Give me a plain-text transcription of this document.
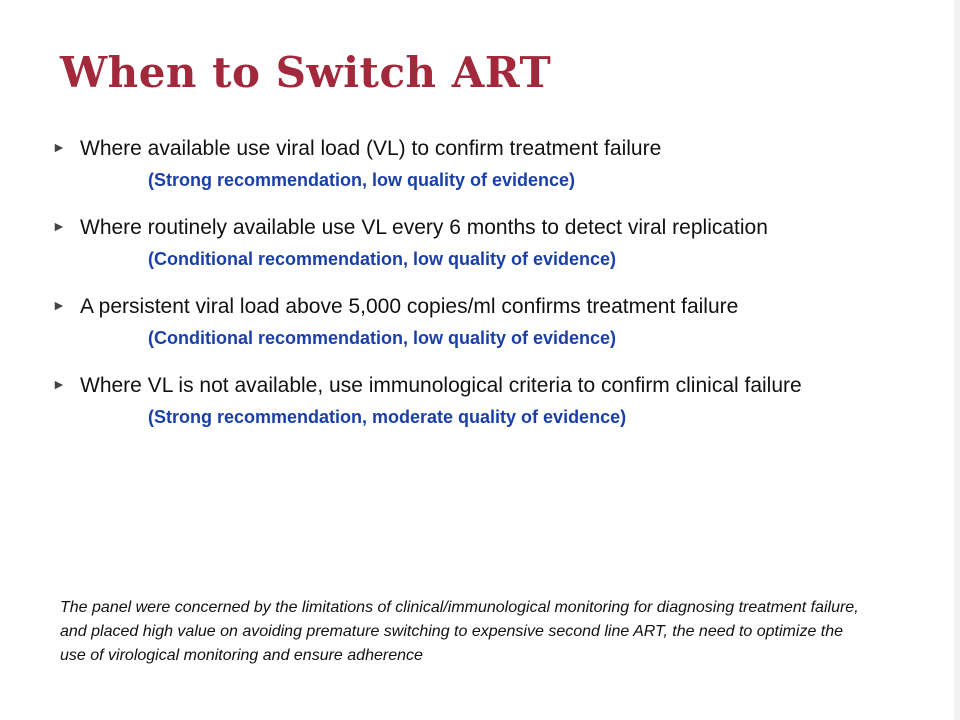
When to Switch ART
► Where available use viral load (VL) to confirm treatment failure
(Strong recommendation, low quality of evidence)
► Where routinely available use VL every 6 months to detect viral replication
(Conditional recommendation, low quality of evidence)
► A persistent viral load above 5,000 copies/ml confirms treatment failure
(Conditional recommendation, low quality of evidence)
► Where VL is not available, use immunological criteria to confirm clinical failure
(Strong recommendation, moderate quality of evidence)
The panel were concerned by the limitations of clinical/immunological monitoring for diagnosing treatment failure, and placed high value on avoiding premature switching to expensive second line ART, the need to optimize the use of virological monitoring and ensure adherence
